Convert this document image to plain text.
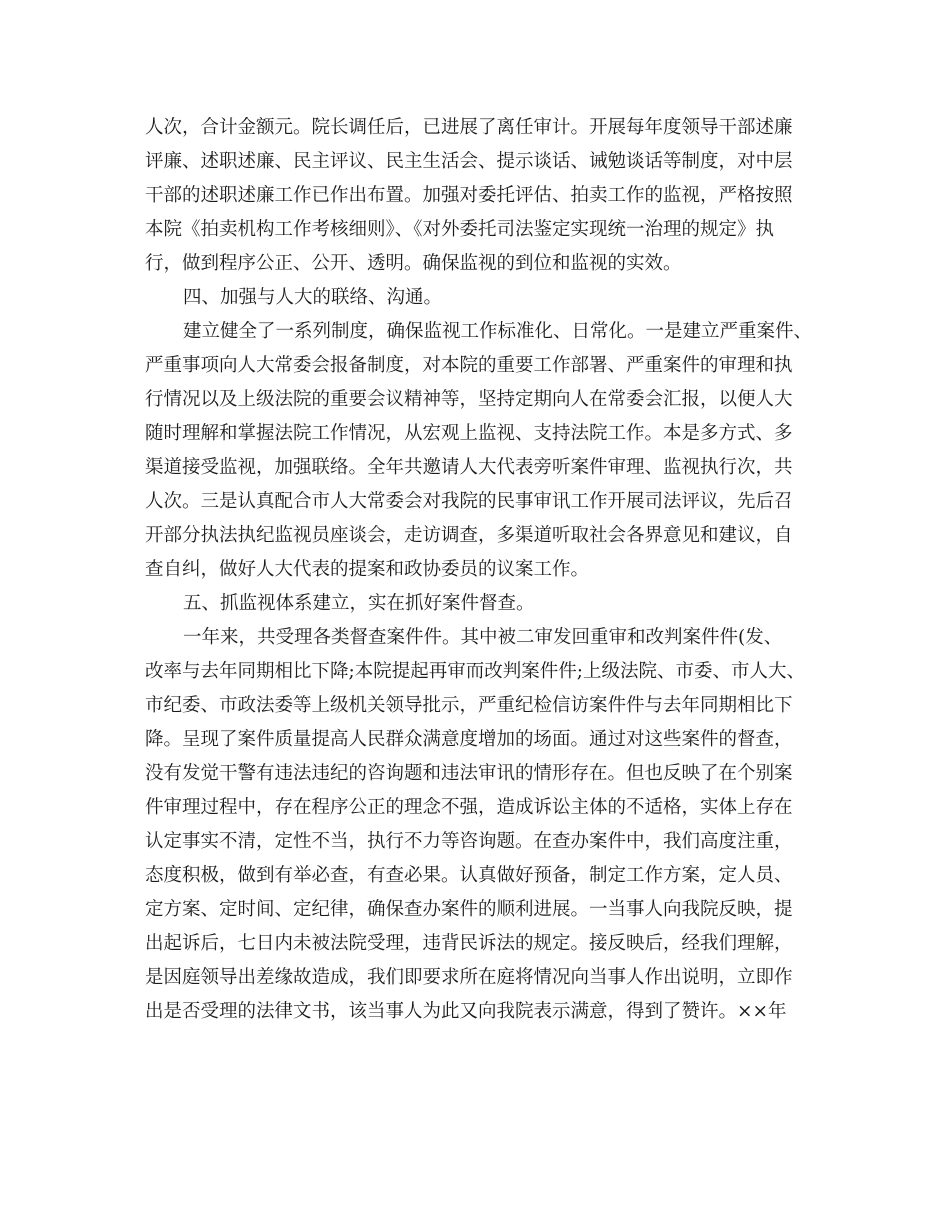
人次，合计金额元。院长调任后，已进展了离任审计。开展每年度领导干部述廉
评廉、述职述廉、民主评议、民主生活会、提示谈话、诫勉谈话等制度，对中层
干部的述职述廉工作已作出布置。加强对委托评估、拍卖工作的监视，严格按照
本院《拍卖机构工作考核细则》、《对外委托司法鉴定实现统一治理的规定》执
行，做到程序公正、公开、透明。确保监视的到位和监视的实效。
四、加强与人大的联络、沟通。
建立健全了一系列制度，确保监视工作标准化、日常化。一是建立严重案件、
严重事项向人大常委会报备制度，对本院的重要工作部署、严重案件的审理和执
行情况以及上级法院的重要会议精神等，坚持定期向人在常委会汇报，以便人大
随时理解和掌握法院工作情况，从宏观上监视、支持法院工作。本是多方式、多
渠道接受监视，加强联络。全年共邀请人大代表旁听案件审理、监视执行次，共
人次。三是认真配合市人大常委会对我院的民事审讯工作开展司法评议，先后召
开部分执法执纪监视员座谈会，走访调查，多渠道听取社会各界意见和建议，自
查自纠，做好人大代表的提案和政协委员的议案工作。
五、抓监视体系建立，实在抓好案件督查。
一年来，共受理各类督查案件件。其中被二审发回重审和改判案件件(发、
改率与去年同期相比下降;本院提起再审而改判案件件;上级法院、市委、市人大、
市纪委、市政法委等上级机关领导批示，严重纪检信访案件件与去年同期相比下
降。呈现了案件质量提高人民群众满意度增加的场面。通过对这些案件的督查，
没有发觉干警有违法违纪的咨询题和违法审讯的情形存在。但也反映了在个别案
件审理过程中，存在程序公正的理念不强，造成诉讼主体的不适格，实体上存在
认定事实不清，定性不当，执行不力等咨询题。在查办案件中，我们高度注重，
态度积极，做到有举必查，有查必果。认真做好预备，制定工作方案，定人员、
定方案、定时间、定纪律，确保查办案件的顺利进展。一当事人向我院反映，提
出起诉后，七日内未被法院受理，违背民诉法的规定。接反映后，经我们理解，
是因庭领导出差缘故造成，我们即要求所在庭将情况向当事人作出说明，立即作
出是否受理的法律文书，该当事人为此又向我院表示满意，得到了赞许。××年
